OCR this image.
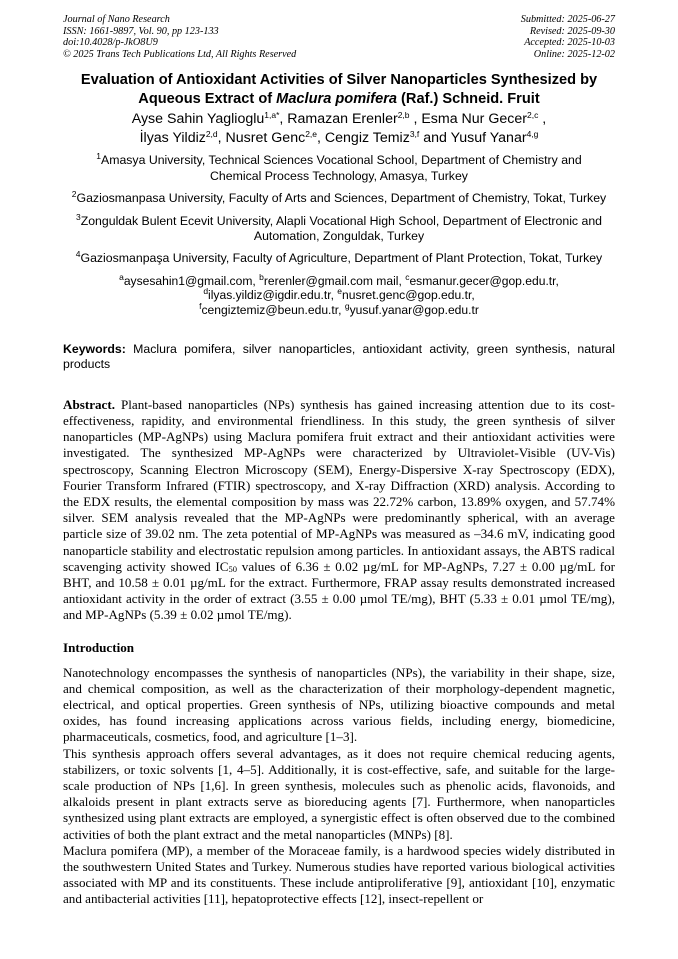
Journal of Nano Research
ISSN: 1661-9897, Vol. 90, pp 123-133
doi:10.4028/p-JkO8U9
© 2025 Trans Tech Publications Ltd, All Rights Reserved
Submitted: 2025-06-27
Revised: 2025-09-30
Accepted: 2025-10-03
Online: 2025-12-02
Evaluation of Antioxidant Activities of Silver Nanoparticles Synthesized by Aqueous Extract of Maclura pomifera (Raf.) Schneid. Fruit
Ayse Sahin Yaglioglu$^{1,a*}$, Ramazan Erenler$^{2,b}$ , Esma Nur Gecer$^{2,c}$ ,
İlyas Yildiz$^{2,d}$, Nusret Genc$^{2,e}$, Cengiz Temiz$^{3,f}$ and Yusuf Yanar$^{4,g}$

$^1$Amasya University, Technical Sciences Vocational School, Department of Chemistry and Chemical Process Technology, Amasya, Turkey

$^2$Gaziosmanpasa University, Faculty of Arts and Sciences, Department of Chemistry, Tokat, Turkey

$^3$Zonguldak Bulent Ecevit University, Alapli Vocational High School, Department of Electronic and Automation, Zonguldak, Turkey

$^4$Gaziosmanpaşa University, Faculty of Agriculture, Department of Plant Protection, Tokat, Turkey

$^a$aysesahin1@gmail.com, $^b$rerenler@gmail.com mail, $^c$esmanur.gecer@gop.edu.tr,
$^d$ilyas.yildiz@igdir.edu.tr, $^e$nusret.genc@gop.edu.tr,
$^f$cengiztemiz@beun.edu.tr, $^g$yusuf.yanar@gop.edu.tr

Keywords: Maclura pomifera, silver nanoparticles, antioxidant activity, green synthesis, natural products

Abstract. Plant-based nanoparticles (NPs) synthesis has gained increasing attention due to its cost-effectiveness, rapidity, and environmental friendliness. In this study, the green synthesis of silver nanoparticles (MP-AgNPs) using Maclura pomifera fruit extract and their antioxidant activities were investigated. The synthesized MP-AgNPs were characterized by Ultraviolet-Visible (UV-Vis) spectroscopy, Scanning Electron Microscopy (SEM), Energy-Dispersive X-ray Spectroscopy (EDX), Fourier Transform Infrared (FTIR) spectroscopy, and X-ray Diffraction (XRD) analysis. According to the EDX results, the elemental composition by mass was 22.72% carbon, 13.89% oxygen, and 57.74% silver. SEM analysis revealed that the MP-AgNPs were predominantly spherical, with an average particle size of 39.02 nm. The zeta potential of MP-AgNPs was measured as –34.6 mV, indicating good nanoparticle stability and electrostatic repulsion among particles. In antioxidant assays, the ABTS radical scavenging activity showed $IC_{50}$ values of 6.36 ± 0.02 µg/mL for MP-AgNPs, 7.27 ± 0.00 µg/mL for BHT, and 10.58 ± 0.01 µg/mL for the extract. Furthermore, FRAP assay results demonstrated increased antioxidant activity in the order of extract (3.55 ± 0.00 µmol TE/mg), BHT (5.33 ± 0.01 µmol TE/mg), and MP-AgNPs (5.39 ± 0.02 µmol TE/mg).

Introduction

Nanotechnology encompasses the synthesis of nanoparticles (NPs), the variability in their shape, size, and chemical composition, as well as the characterization of their morphology-dependent magnetic, electrical, and optical properties. Green synthesis of NPs, utilizing bioactive compounds and metal oxides, has found increasing applications across various fields, including energy, biomedicine, pharmaceuticals, cosmetics, food, and agriculture [1–3].

This synthesis approach offers several advantages, as it does not require chemical reducing agents, stabilizers, or toxic solvents [1, 4–5]. Additionally, it is cost-effective, safe, and suitable for the large-scale production of NPs [1,6]. In green synthesis, molecules such as phenolic acids, flavonoids, and alkaloids present in plant extracts serve as bioreducing agents [7]. Furthermore, when nanoparticles synthesized using plant extracts are employed, a synergistic effect is often observed due to the combined activities of both the plant extract and the metal nanoparticles (MNPs) [8].

Maclura pomifera (MP), a member of the Moraceae family, is a hardwood species widely distributed in the southwestern United States and Turkey. Numerous studies have reported various biological activities associated with MP and its constituents. These include antiproliferative [9], antioxidant [10], enzymatic and antibacterial activities [11], hepatoprotective effects [12], insect-repellent or
